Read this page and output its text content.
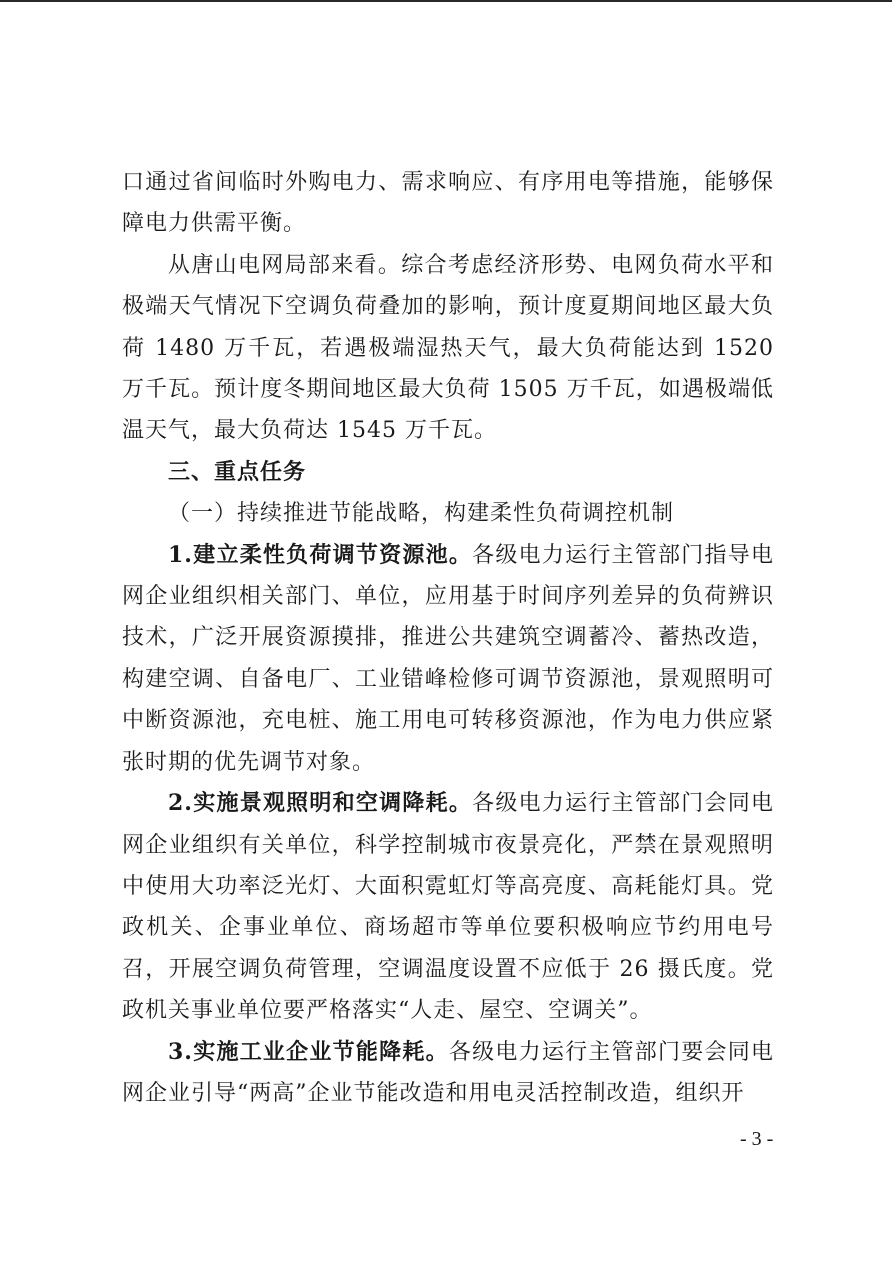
口通过省间临时外购电力、需求响应、有序用电等措施，能够保障电力供需平衡。

从唐山电网局部来看。综合考虑经济形势、电网负荷水平和极端天气情况下空调负荷叠加的影响，预计度夏期间地区最大负荷 1480 万千瓦，若遇极端湿热天气，最大负荷能达到 1520 万千瓦。预计度冬期间地区最大负荷 1505 万千瓦，如遇极端低温天气，最大负荷达 1545 万千瓦。

三、重点任务

（一）持续推进节能战略，构建柔性负荷调控机制

1.建立柔性负荷调节资源池。各级电力运行主管部门指导电网企业组织相关部门、单位，应用基于时间序列差异的负荷辨识技术，广泛开展资源摸排，推进公共建筑空调蓄冷、蓄热改造，构建空调、自备电厂、工业错峰检修可调节资源池，景观照明可中断资源池，充电桩、施工用电可转移资源池，作为电力供应紧张时期的优先调节对象。

2.实施景观照明和空调降耗。各级电力运行主管部门会同电网企业组织有关单位，科学控制城市夜景亮化，严禁在景观照明中使用大功率泛光灯、大面积霓虹灯等高亮度、高耗能灯具。党政机关、企事业单位、商场超市等单位要积极响应节约用电号召，开展空调负荷管理，空调温度设置不应低于 26 摄氏度。党政机关事业单位要严格落实“人走、屋空、空调关”。

3.实施工业企业节能降耗。各级电力运行主管部门要会同电网企业引导“两高”企业节能改造和用电灵活控制改造，组织开

- 3 -
